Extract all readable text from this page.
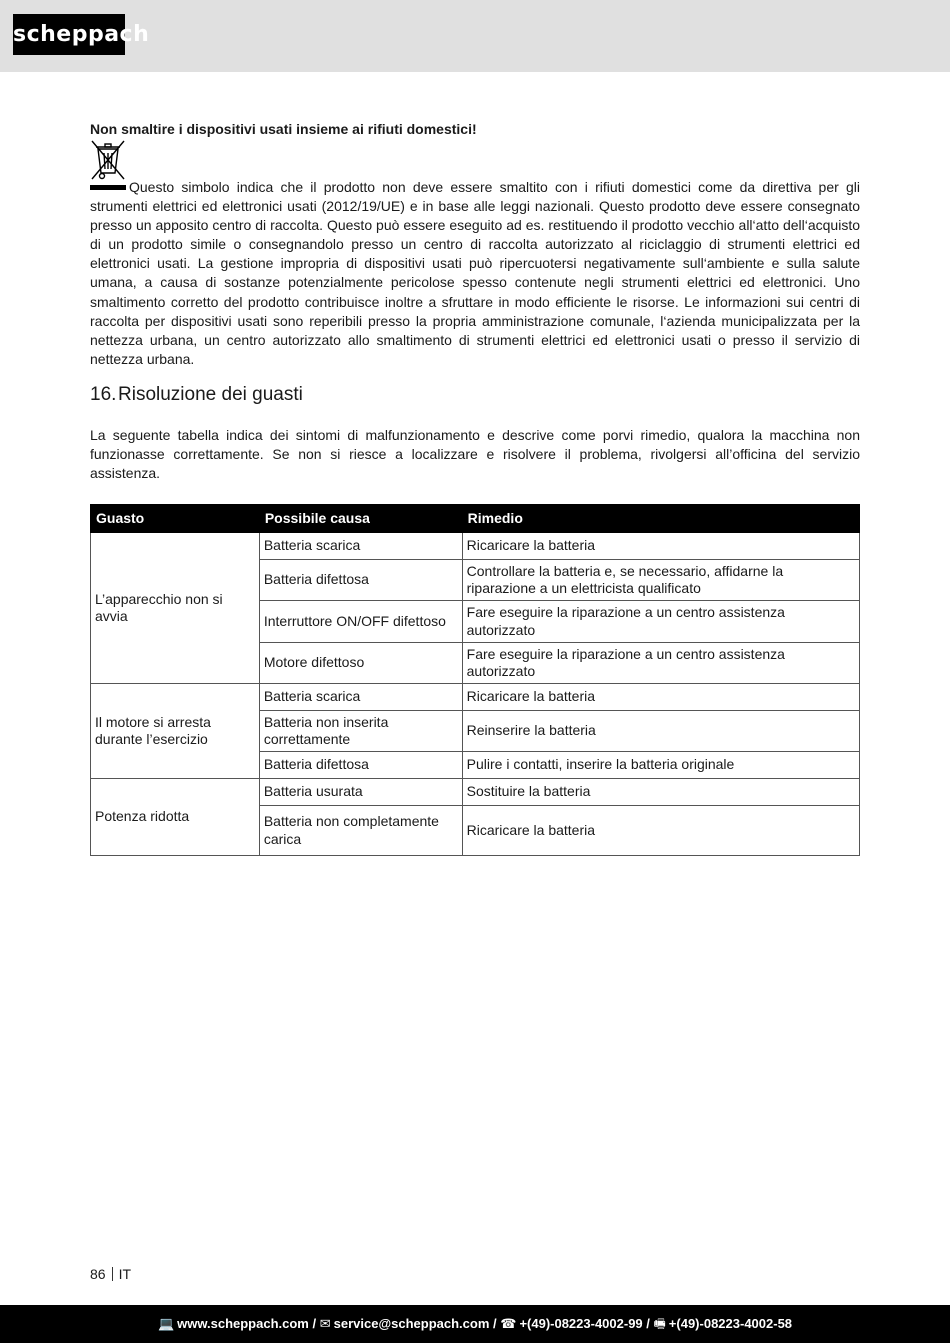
scheppach
Non smaltire i dispositivi usati insieme ai rifiuti domestici!
Questo simbolo indica che il prodotto non deve essere smaltito con i rifiuti domestici come da direttiva per gli strumenti elettrici ed elettronici usati (2012/19/UE) e in base alle leggi nazionali. Questo prodotto deve essere consegnato presso un apposito centro di raccolta. Questo può essere eseguito ad es. restituendo il prodotto vecchio all‘atto dell‘acquisto di un prodotto simile o consegnandolo presso un centro di raccolta autorizzato al riciclaggio di strumenti elettrici ed elettronici usati. La gestione impropria di dispositivi usati può ripercuotersi negativamente sull‘ambiente e sulla salute umana, a causa di sostanze potenzialmente pericolose spesso contenute negli strumenti elettrici ed elettronici. Uno smaltimento corretto del prodotto contribuisce inoltre a sfruttare in modo efficiente le risorse. Le informazioni sui centri di raccolta per dispositivi usati sono reperibili presso la propria amministrazione comunale, l‘azienda municipalizzata per la nettezza urbana, un centro autorizzato allo smaltimento di strumenti elettrici ed elettronici usati o presso il servizio di nettezza urbana.
16.Risoluzione dei guasti
La seguente tabella indica dei sintomi di malfunzionamento e descrive come porvi rimedio, qualora la macchina non funzionasse correttamente. Se non si riesce a localizzare e risolvere il problema, rivolgersi all’officina del servizio assistenza.
Guasto	Possibile causa	Rimedio
L’apparecchio non si avvia	Batteria scarica	Ricaricare la batteria
	Batteria difettosa	Controllare la batteria e, se necessario, affidarne la riparazione a un elettricista qualificato
	Interruttore ON/OFF difettoso	Fare eseguire la riparazione a un centro assistenza autorizzato
	Motore difettoso	Fare eseguire la riparazione a un centro assistenza autorizzato
Il motore si arresta durante l’esercizio	Batteria scarica	Ricaricare la batteria
	Batteria non inserita correttamente	Reinserire la batteria
	Batteria difettosa	Pulire i contatti, inserire la batteria originale
Potenza ridotta	Batteria usurata	Sostituire la batteria
	Batteria non completamente carica	Ricaricare la batteria
86 IT
💻 www.scheppach.com / ✉ service@scheppach.com / ☎ +(49)-08223-4002-99 / 🖷 +(49)-08223-4002-58
